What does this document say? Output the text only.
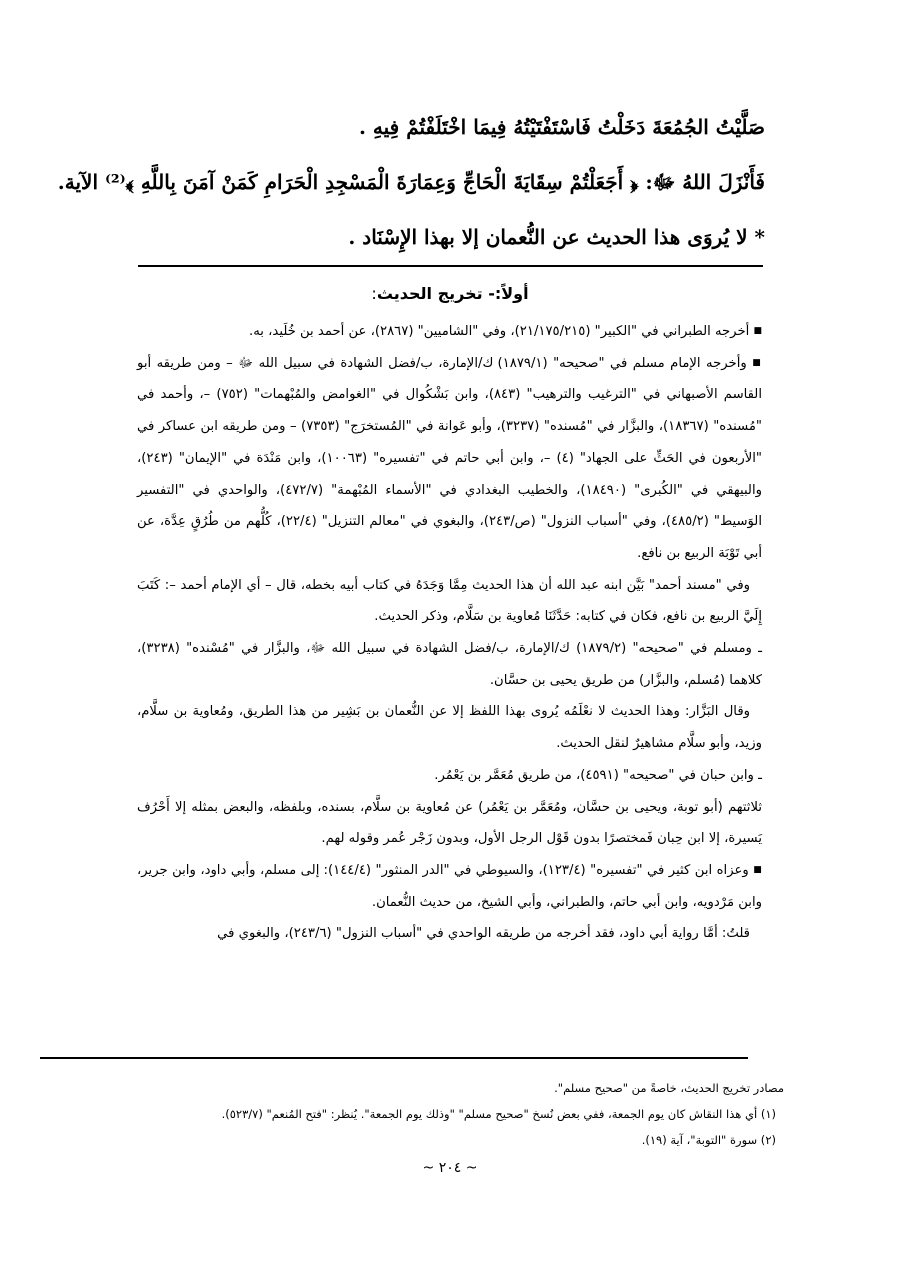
صَلَّيْتُ الجُمُعَةَ دَخَلْتُ فَاسْتَفْتَيْتُهُ فِيمَا اخْتَلَفْتُمْ فِيهِ .
فَأَنْزَلَ اللهُ ﷻ: ﴿ أَجَعَلْتُمْ سِقَايَةَ الْحَاجِّ وَعِمَارَةَ الْمَسْجِدِ الْحَرَامِ كَمَنْ آمَنَ بِاللَّهِ ﴾⁽²⁾ الآية.
* لا يُروَى هذا الحديث عن النُّعمان إلا بهذا الإِسْنَاد .
أولاً:- تخريج الحديث:

■ أخرجه الطبراني في "الكبير" (٢١/١٧٥/٢١٥)، وفي "الشاميين" (٢٨٦٧)، عن أحمد بن خُلَيد، به.

■ وأخرجه الإمام مسلم في "صحيحه" (١٨٧٩/١) ك/الإمارة، ب/فضل الشهادة في سبيل الله ﷻ – ومن طريقه أبو القاسم الأصبهاني في "الترغيب والترهيب" (٨٤٣)، وابن بَشْكُوال في "الغوامض والمُبْهمات" (٧٥٢) –، وأحمد في "مُسنده" (١٨٣٦٧)، والبزَّار في "مُسنده" (٣٢٣٧)، وأبو عَوانة في "المُستخرَج" (٧٣٥٣) – ومن طريقه ابن عساكر في "الأربعون في الحَثِّ على الجهاد" (٤) –، وابن أبي حاتم في "تفسيره" (١٠٠٦٣)، وابن مَنْدَة في "الإيمان" (٢٤٣)، والبيهقي في "الكُبرى" (١٨٤٩٠)، والخطيب البغدادي في "الأسماء المُبْهمة" (٤٧٢/٧)، والواحدي في "التفسير الوَسيط" (٤٨٥/٢)، وفي "أسباب النزول" (ص/٢٤٣)، والبغوي في "معالم التنزيل" (٢٢/٤)، كُلُّهم من طُرُقٍ عِدَّة، عن أبي تَوْبَة الربيع بن نافع.

وفي "مسند أحمد" بَيَّن ابنه عبد الله أن هذا الحديث مِمَّا وَجَدَهُ في كتاب أبيه بخطه، قال – أي الإمام أحمد –: كَتَبَ إِلَيَّ الربيع بن نافع، فكان في كتابه: حَدَّثَنَا مُعاوية بن سَلَّام، وذكر الحديث.

ـ ومسلم في "صحيحه" (١٨٧٩/٢) ك/الإمارة، ب/فضل الشهادة في سبيل الله ﷻ، والبزَّار في "مُسْنده" (٣٢٣٨)، كلاهما (مُسلم، والبزَّار) من طريق يحيى بن حسَّان.

وقال البَزَّار: وهذا الحديث لا نعْلَمُه يُروى بهذا اللفظ إلا عن النُّعمان بن بَشِير من هذا الطريق، ومُعاوية بن سلَّام، وزيد، وأبو سلَّام مشاهيرٌ لنقل الحديث.

ـ وابن حبان في "صحيحه" (٤٥٩١)، من طريق مُعَمَّر بن يَعْمُر.

ثلاثتهم (أبو توبة، ويحيى بن حسَّان، ومُعَمَّر بن يَعْمُر) عن مُعاوية بن سلَّام، بسنده، وبلفظه، والبعض بمثله إلا أَحْرُف يَسيرة، إلا ابن حِبان فَمختصرًا بدون قَوْل الرجل الأول، وبدون زَجْر عُمر وقوله لهم.

■ وعزاه ابن كثير في "تفسيره" (١٢٣/٤)، والسيوطي في "الدر المنثور" (١٤٤/٤): إلى مسلم، وأبي داود، وابن جرير، وابن مَرْدويه، وابن أبي حاتم، والطبراني، وأبي الشيخ، من حديث النُّعمان.

قلتُ: أمَّا رواية أبي داود، فقد أخرجه من طريقه الواحدي في "أسباب النزول" (٢٤٣/٦)، والبغوي في

مصادر تخريج الحديث، خاصةً من "صحيح مسلم".

(١) أي هذا النقاش كان يوم الجمعة، ففي بعض نُسخ "صحيح مسلم" "وذلك يوم الجمعة". يُنظر: "فتح المُنعم" (٥٢٣/٧).

(٢) سورة "التوبة"، آية (١٩).

~ ٢٠٤ ~
